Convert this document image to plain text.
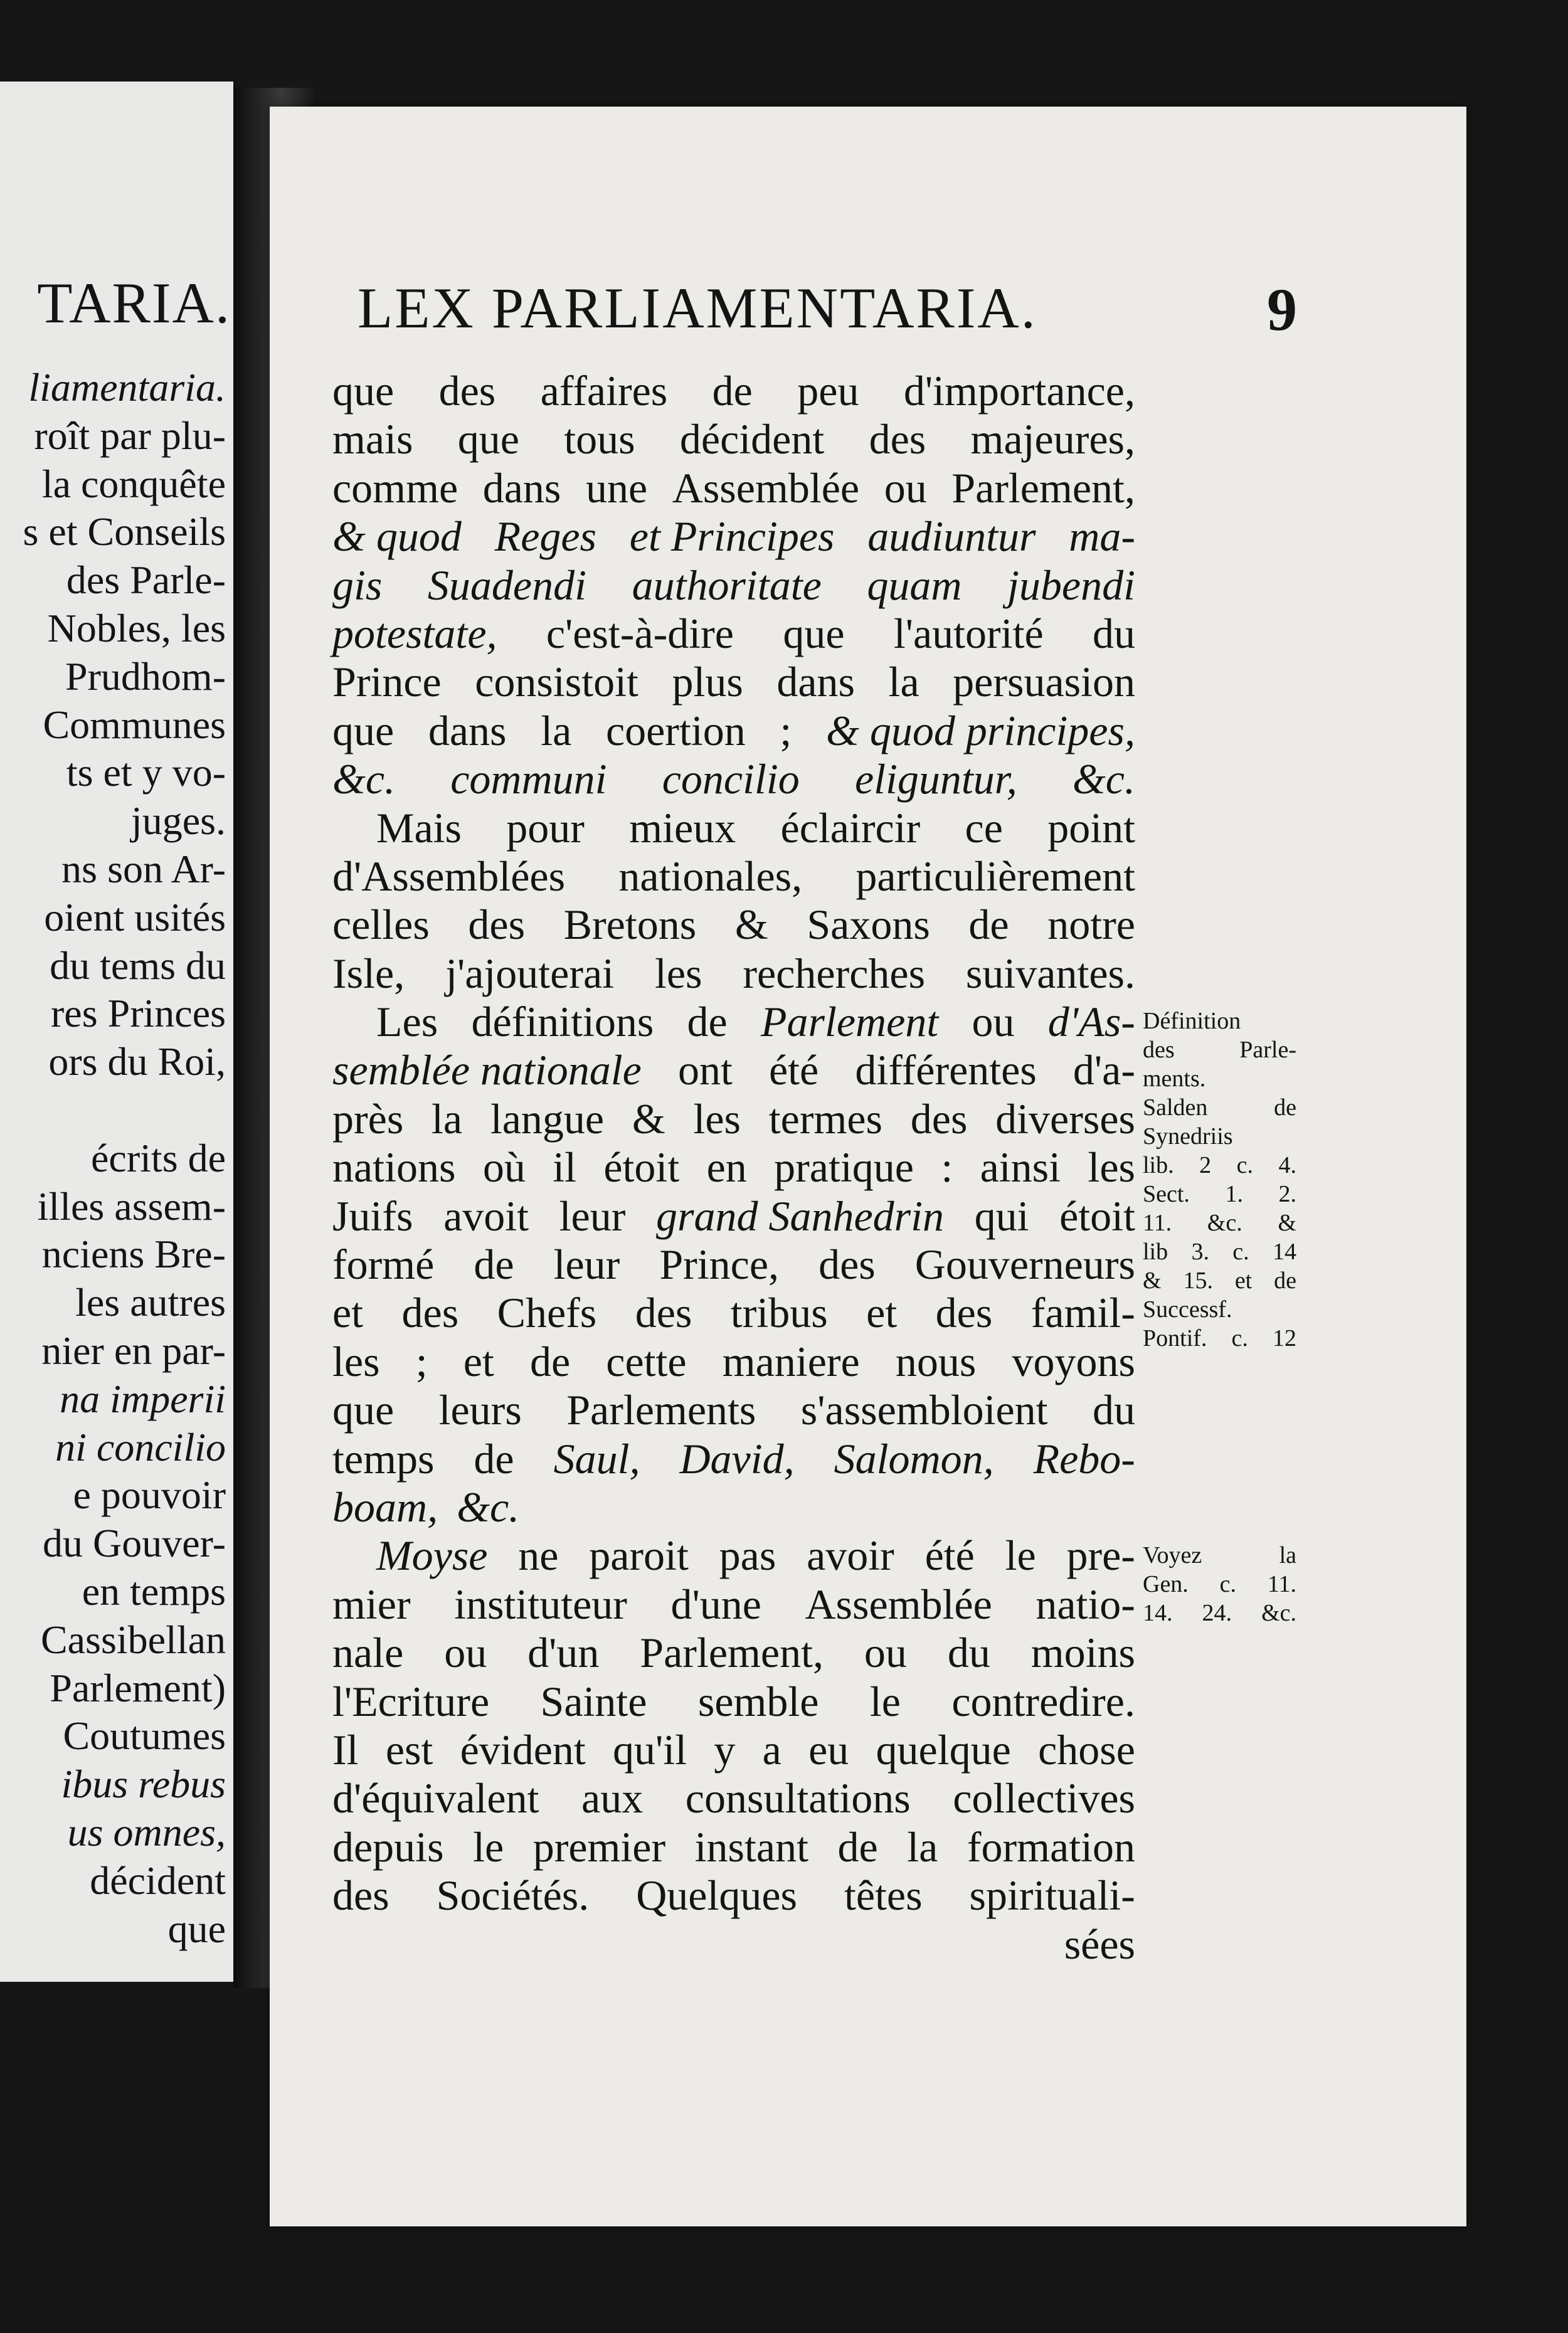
TARIA.
liamentaria.
roît par plu-
la conquête
s et Conseils
des Parle-
Nobles, les
Prudhom-
Communes
ts et y vo-
juges.
ns son Ar-
oient usités
du tems du
res Princes
ors du Roi,

écrits de
illes assem-
nciens Bre-
les autres
nier en par-
na imperii
ni concilio
e pouvoir
du Gouver-
en temps
Cassibellan
Parlement)
Coutumes
ibus rebus
us omnes,
décident
que
LEX PARLIAMENTARIA.	9
que des affaires de peu d'importance,
mais que tous décident des majeures,
comme dans une Assemblée ou Parlement,
& quod Reges et Principes audiuntur ma-
gis Suadendi authoritate quam jubendi
potestate, c'est-à-dire que l'autorité du
Prince consistoit plus dans la persuasion
que dans la coertion ; & quod principes,
&c. communi concilio eliguntur, &c.
Mais pour mieux éclaircir ce point
d'Assemblées nationales, particulièrement
celles des Bretons & Saxons de notre
Isle, j'ajouterai les recherches suivantes.
Les définitions de Parlement ou d'As-
semblée nationale ont été différentes d'a-
près la langue & les termes des diverses
nations où il étoit en pratique : ainsi les
Juifs avoit leur grand Sanhedrin qui étoit
formé de leur Prince, des Gouverneurs
et des Chefs des tribus et des famil-
les ; et de cette maniere nous voyons
que leurs Parlements s'assembloient du
temps de Saul, David, Salomon, Rebo-
boam, &c.
Moyse ne paroit pas avoir été le pre-
mier instituteur d'une Assemblée natio-
nale ou d'un Parlement, ou du moins
l'Ecriture Sainte semble le contredire.
Il est évident qu'il y a eu quelque chose
d'équivalent aux consultations collectives
depuis le premier instant de la formation
des Sociétés. Quelques têtes spirituali-
sées
Définition
des	Parle-
ments.
Salden	de
Synedriis
lib. 2 c. 4.
Sect. 1. 2.
11. &c. &
lib 3. c. 14
& 15. et de
Successf.
Pontif. c. 12
Voyez	la
Gen. c. 11.
14. 24. &c.
